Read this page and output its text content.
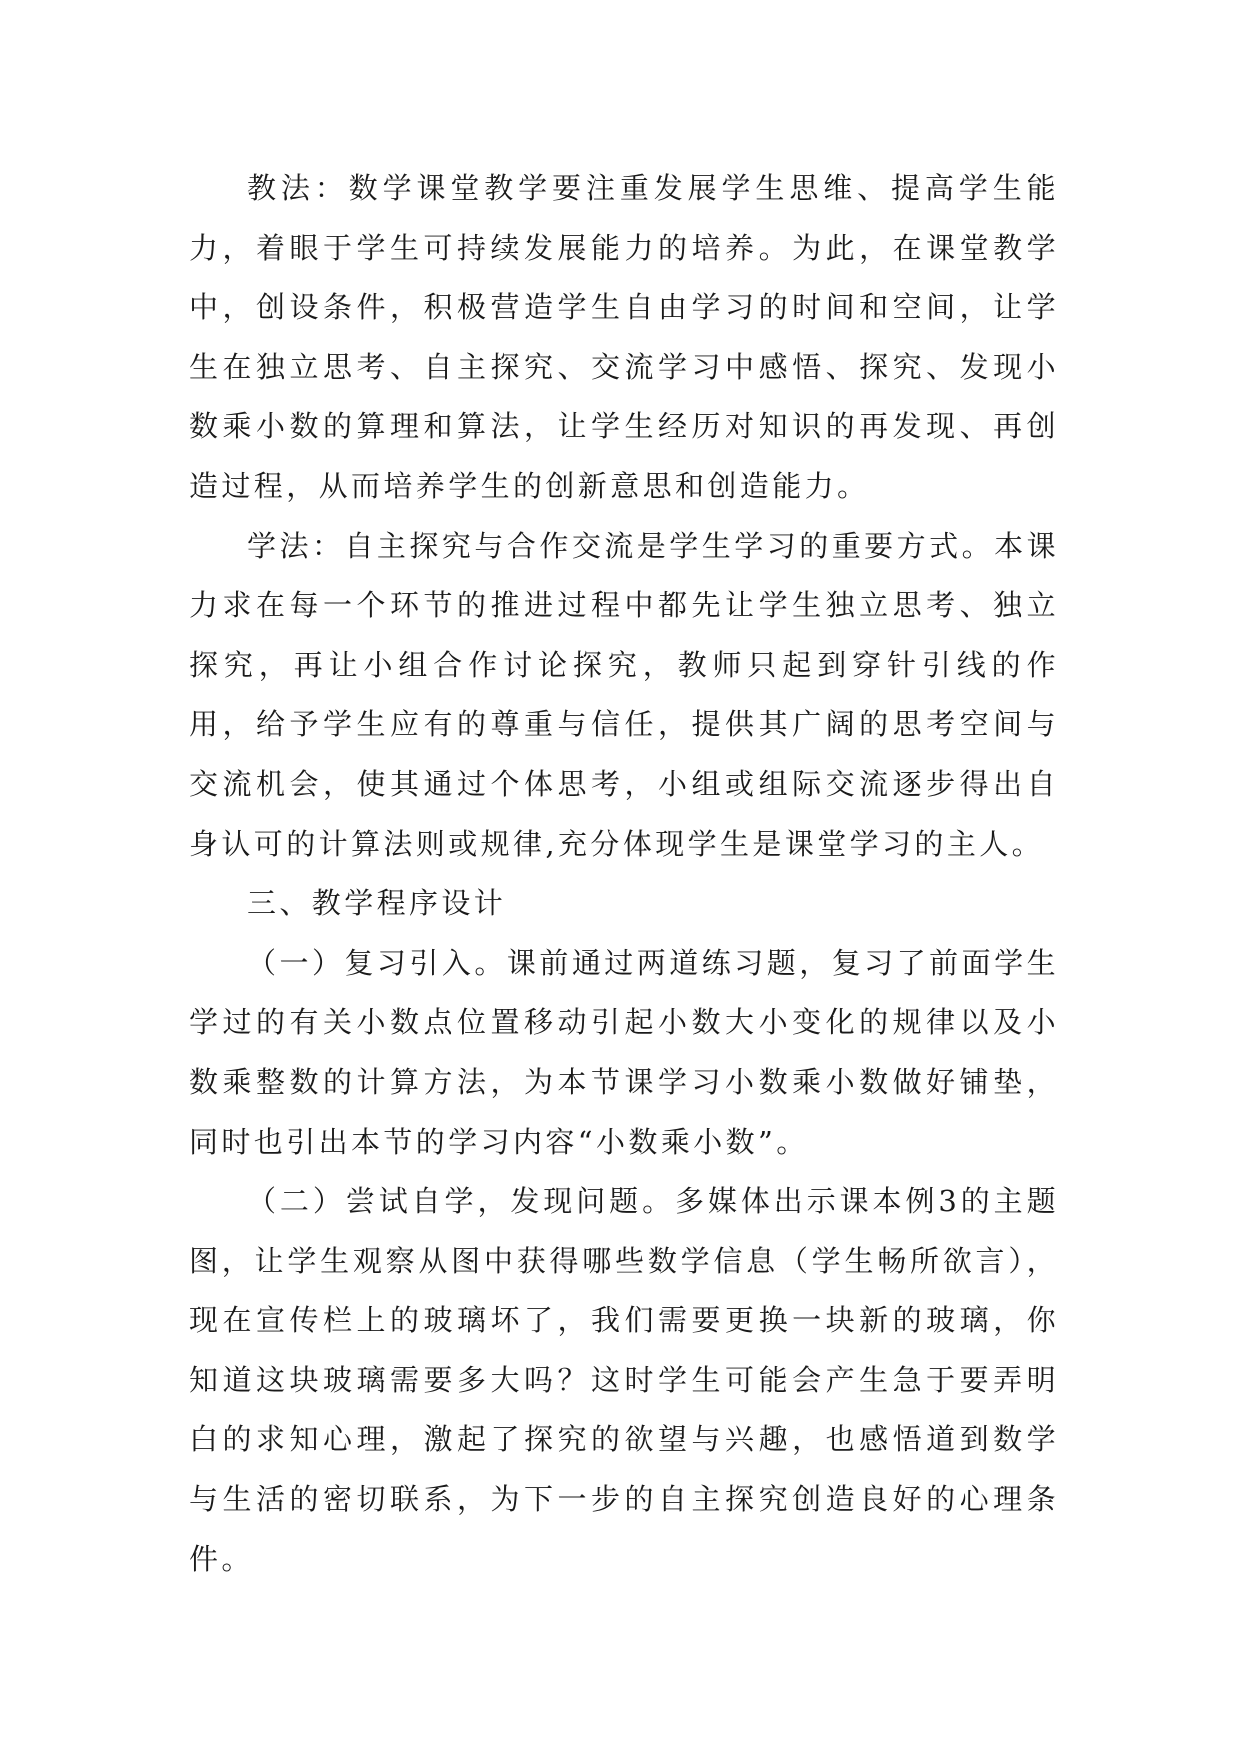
教法：数学课堂教学要注重发展学生思维、提高学生能力，着眼于学生可持续发展能力的培养。为此，在课堂教学中，创设条件，积极营造学生自由学习的时间和空间，让学生在独立思考、自主探究、交流学习中感悟、探究、发现小数乘小数的算理和算法，让学生经历对知识的再发现、再创造过程，从而培养学生的创新意思和创造能力。

学法：自主探究与合作交流是学生学习的重要方式。本课力求在每一个环节的推进过程中都先让学生独立思考、独立探究，再让小组合作讨论探究，教师只起到穿针引线的作用，给予学生应有的尊重与信任，提供其广阔的思考空间与交流机会，使其通过个体思考，小组或组际交流逐步得出自身认可的计算法则或规律,充分体现学生是课堂学习的主人。

三、教学程序设计

（一）复习引入。课前通过两道练习题，复习了前面学生学过的有关小数点位置移动引起小数大小变化的规律以及小数乘整数的计算方法，为本节课学习小数乘小数做好铺垫，同时也引出本节的学习内容“小数乘小数”。

（二）尝试自学，发现问题。多媒体出示课本例3的主题图，让学生观察从图中获得哪些数学信息（学生畅所欲言），现在宣传栏上的玻璃坏了，我们需要更换一块新的玻璃，你知道这块玻璃需要多大吗？这时学生可能会产生急于要弄明白的求知心理，激起了探究的欲望与兴趣，也感悟道到数学与生活的密切联系，为下一步的自主探究创造良好的心理条件。
